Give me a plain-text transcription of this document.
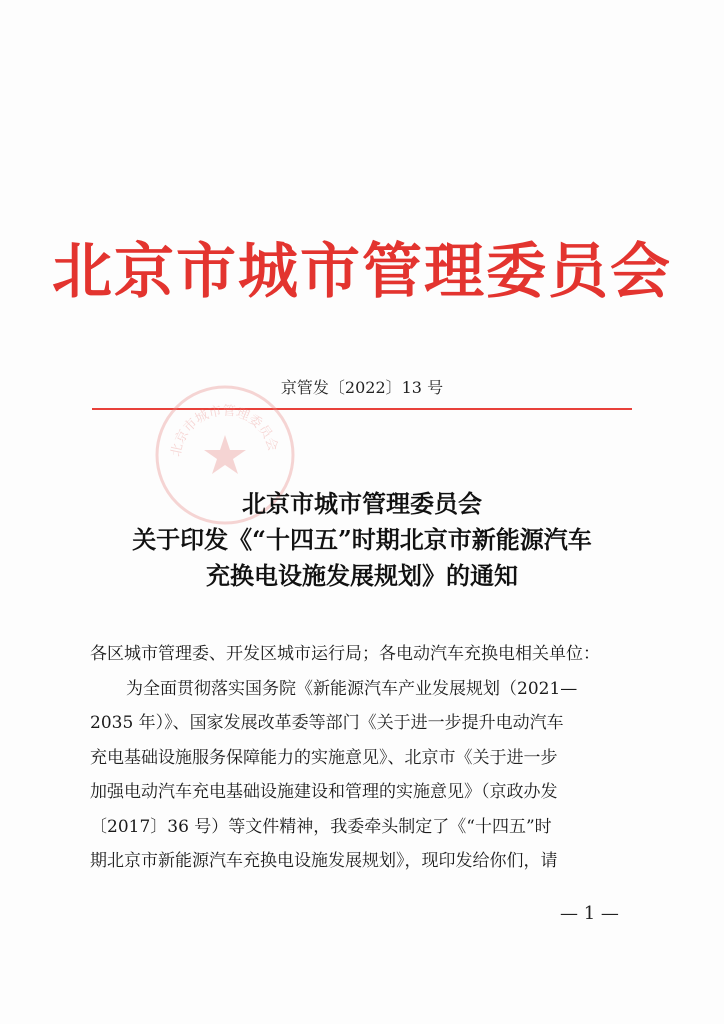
北京市城市管理委员会
京管发〔2022〕13 号
北京市城市管理委员会
北京市城市管理委员会
关于印发《“十四五”时期北京市新能源汽车
充换电设施发展规划》的通知
各区城市管理委、开发区城市运行局；各电动汽车充换电相关单位：
为全面贯彻落实国务院《新能源汽车产业发展规划（2021—
2035 年）》、国家发展改革委等部门《关于进一步提升电动汽车
充电基础设施服务保障能力的实施意见》、北京市《关于进一步
加强电动汽车充电基础设施建设和管理的实施意见》（京政办发
〔2017〕36 号）等文件精神，我委牵头制定了《“十四五”时
期北京市新能源汽车充换电设施发展规划》，现印发给你们，请
— 1 —
